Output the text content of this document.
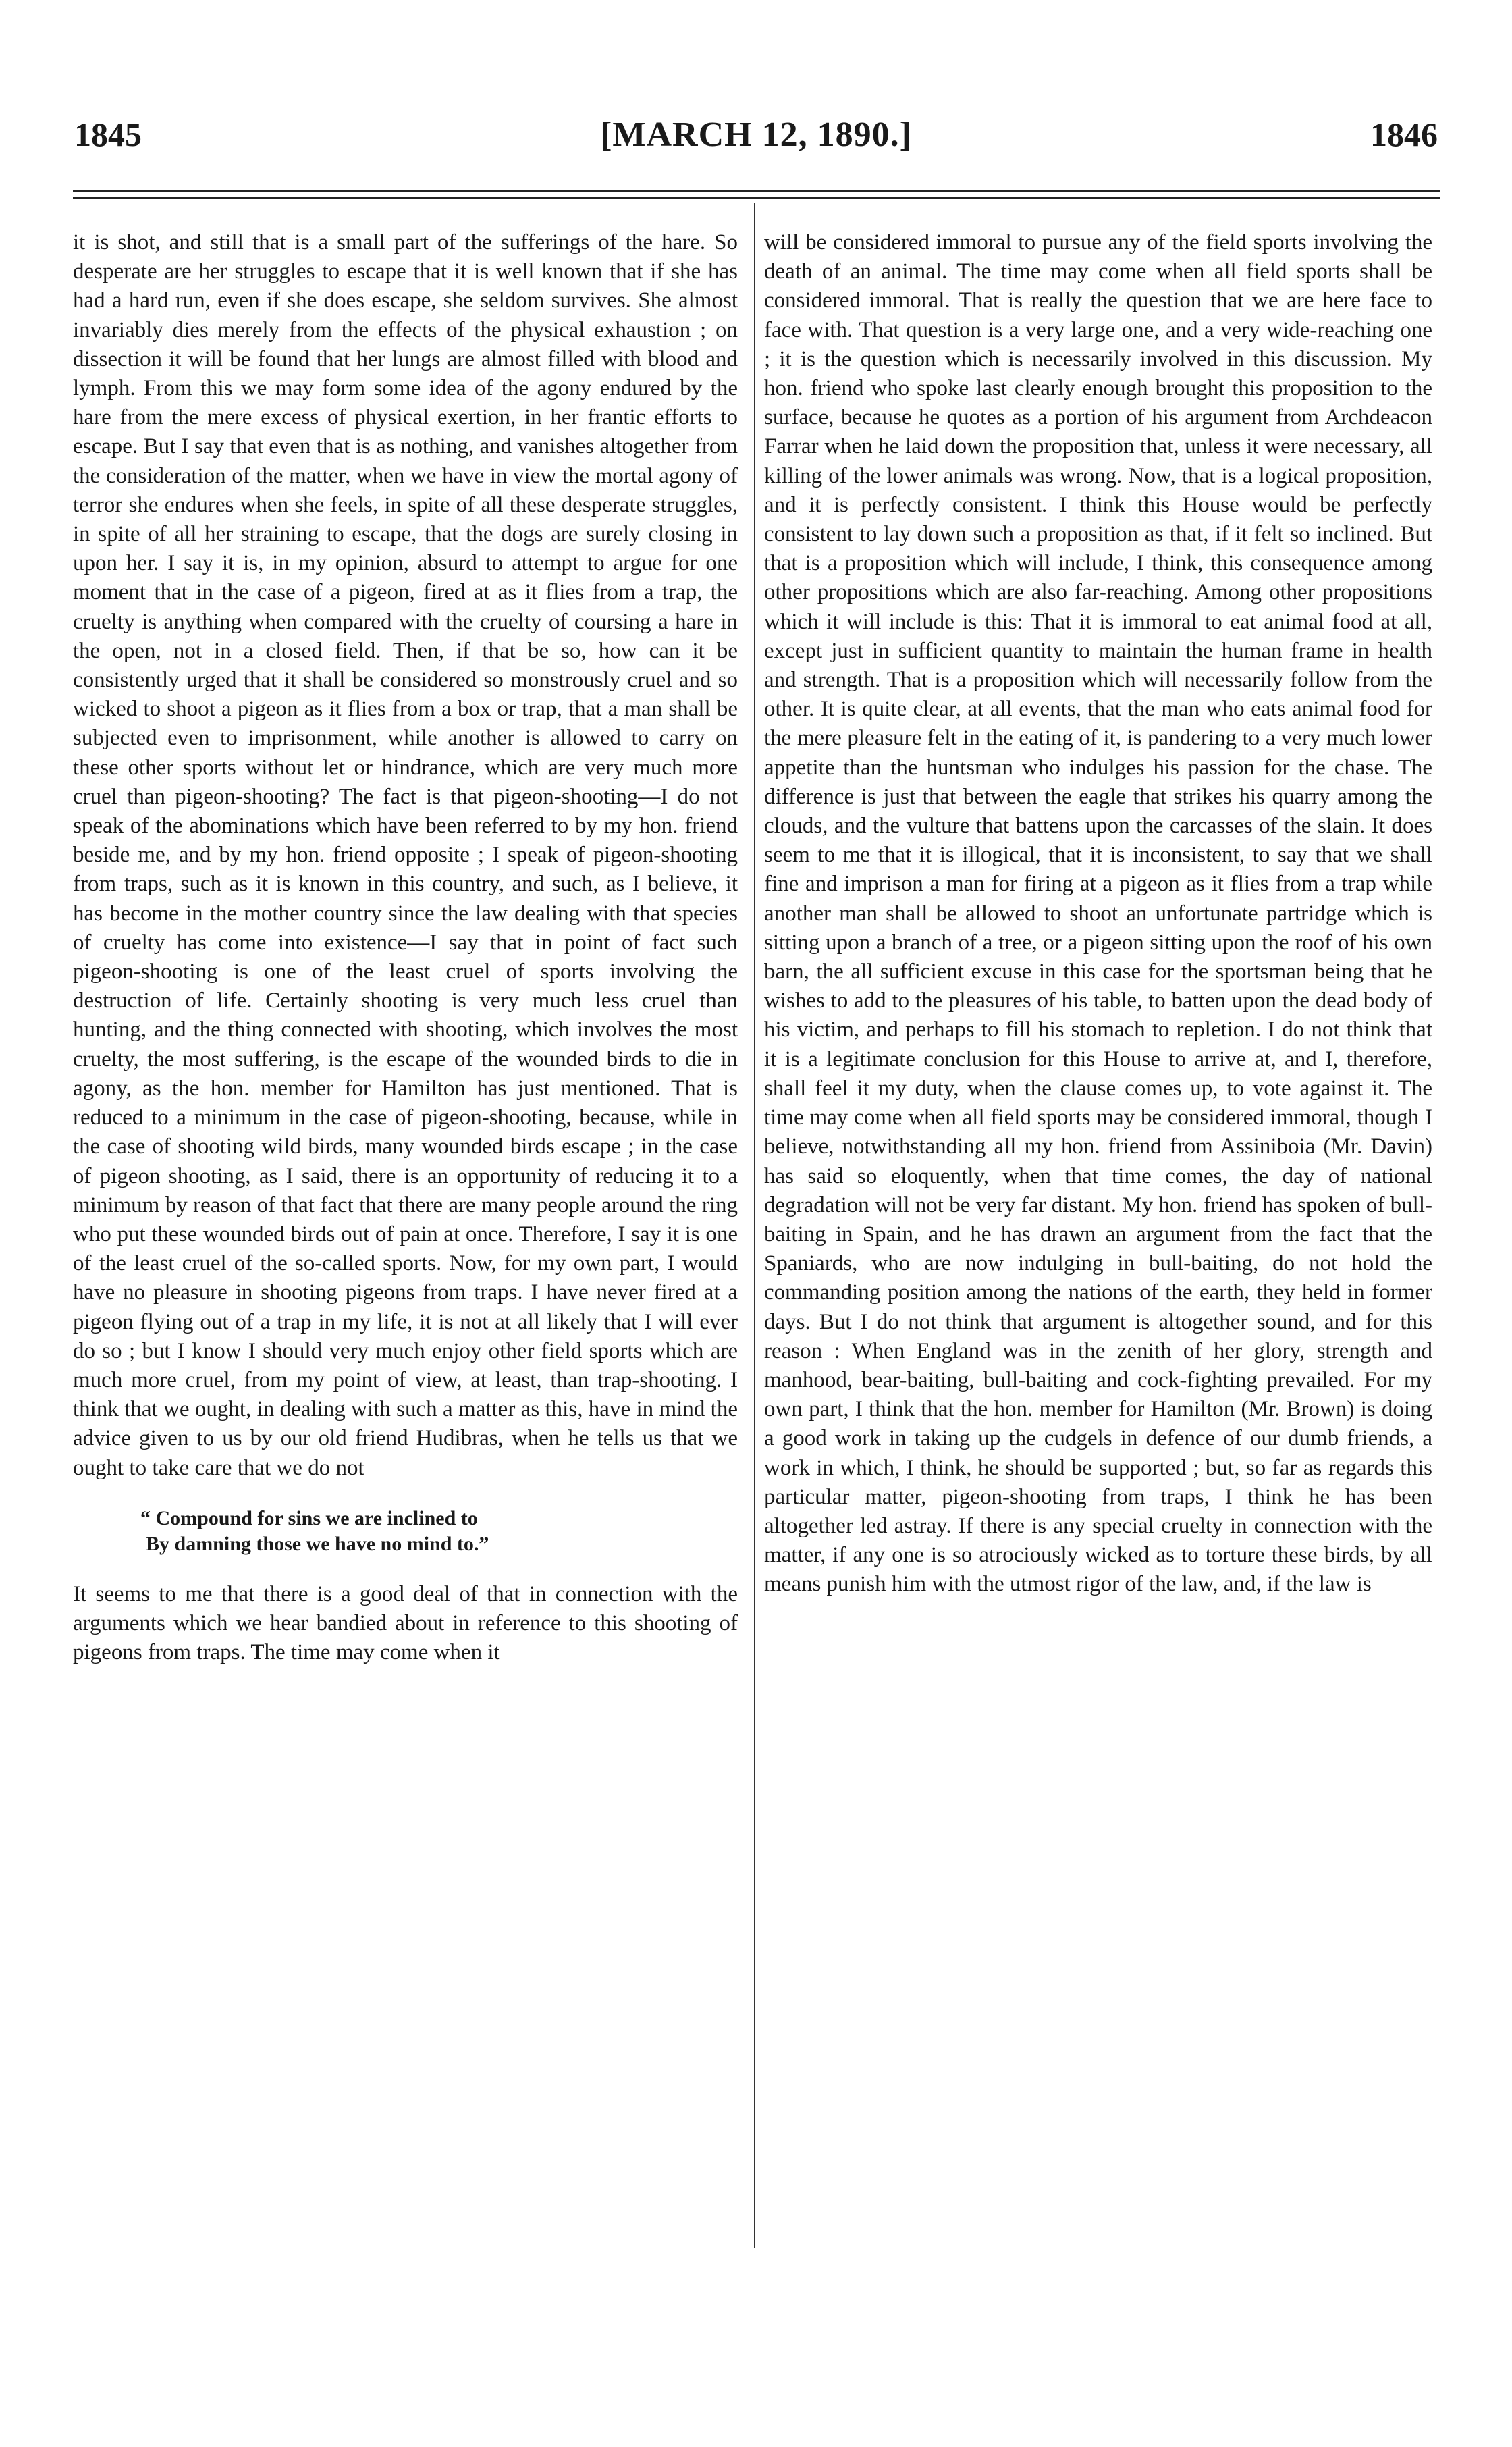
1845	[MARCH 12, 1890.]	1846

it is shot, and still that is a small part of the sufferings of the hare. So desperate are her struggles to escape that it is well known that if she has had a hard run, even if she does escape, she seldom survives. She almost invariably dies merely from the effects of the physical exhaustion ; on dissection it will be found that her lungs are almost filled with blood and lymph. From this we may form some idea of the agony endured by the hare from the mere excess of physical exertion, in her frantic efforts to escape. But I say that even that is as nothing, and vanishes altogether from the consideration of the matter, when we have in view the mortal agony of terror she endures when she feels, in spite of all these desperate struggles, in spite of all her straining to escape, that the dogs are surely closing in upon her. I say it is, in my opinion, absurd to attempt to argue for one moment that in the case of a pigeon, fired at as it flies from a trap, the cruelty is anything when compared with the cruelty of coursing a hare in the open, not in a closed field. Then, if that be so, how can it be consistently urged that it shall be considered so monstrously cruel and so wicked to shoot a pigeon as it flies from a box or trap, that a man shall be subjected even to imprisonment, while another is allowed to carry on these other sports without let or hindrance, which are very much more cruel than pigeon-shooting? The fact is that pigeon-shooting—I do not speak of the abominations which have been referred to by my hon. friend beside me, and by my hon. friend opposite ; I speak of pigeon-shooting from traps, such as it is known in this country, and such, as I believe, it has become in the mother country since the law dealing with that species of cruelty has come into existence—I say that in point of fact such pigeon-shooting is one of the least cruel of sports involving the destruction of life. Certainly shooting is very much less cruel than hunting, and the thing connected with shooting, which involves the most cruelty, the most suffering, is the escape of the wounded birds to die in agony, as the hon. member for Hamilton has just mentioned. That is reduced to a minimum in the case of pigeon-shooting, because, while in the case of shooting wild birds, many wounded birds escape ; in the case of pigeon shooting, as I said, there is an opportunity of reducing it to a minimum by reason of that fact that there are many people around the ring who put these wounded birds out of pain at once. Therefore, I say it is one of the least cruel of the so-called sports. Now, for my own part, I would have no pleasure in shooting pigeons from traps. I have never fired at a pigeon flying out of a trap in my life, it is not at all likely that I will ever do so ; but I know I should very much enjoy other field sports which are much more cruel, from my point of view, at least, than trap-shooting. I think that we ought, in dealing with such a matter as this, have in mind the advice given to us by our old friend Hudibras, when he tells us that we ought to take care that we do not

“ Compound for sins we are inclined to
By damning those we have no mind to.”

It seems to me that there is a good deal of that in connection with the arguments which we hear bandied about in reference to this shooting of pigeons from traps. The time may come when it

will be considered immoral to pursue any of the field sports involving the death of an animal. The time may come when all field sports shall be considered immoral. That is really the question that we are here face to face with. That question is a very large one, and a very wide-reaching one ; it is the question which is necessarily involved in this discussion. My hon. friend who spoke last clearly enough brought this proposition to the surface, because he quotes as a portion of his argument from Archdeacon Farrar when he laid down the proposition that, unless it were necessary, all killing of the lower animals was wrong. Now, that is a logical proposition, and it is perfectly consistent. I think this House would be perfectly consistent to lay down such a proposition as that, if it felt so inclined. But that is a proposition which will include, I think, this consequence among other propositions which are also far-reaching. Among other propositions which it will include is this: That it is immoral to eat animal food at all, except just in sufficient quantity to maintain the human frame in health and strength. That is a proposition which will necessarily follow from the other. It is quite clear, at all events, that the man who eats animal food for the mere pleasure felt in the eating of it, is pandering to a very much lower appetite than the huntsman who indulges his passion for the chase. The difference is just that between the eagle that strikes his quarry among the clouds, and the vulture that battens upon the carcasses of the slain. It does seem to me that it is illogical, that it is inconsistent, to say that we shall fine and imprison a man for firing at a pigeon as it flies from a trap while another man shall be allowed to shoot an unfortunate partridge which is sitting upon a branch of a tree, or a pigeon sitting upon the roof of his own barn, the all sufficient excuse in this case for the sportsman being that he wishes to add to the pleasures of his table, to batten upon the dead body of his victim, and perhaps to fill his stomach to repletion. I do not think that it is a legitimate conclusion for this House to arrive at, and I, therefore, shall feel it my duty, when the clause comes up, to vote against it. The time may come when all field sports may be considered immoral, though I believe, notwithstanding all my hon. friend from Assiniboia (Mr. Davin) has said so eloquently, when that time comes, the day of national degradation will not be very far distant. My hon. friend has spoken of bull-baiting in Spain, and he has drawn an argument from the fact that the Spaniards, who are now indulging in bull-baiting, do not hold the commanding position among the nations of the earth, they held in former days. But I do not think that argument is altogether sound, and for this reason : When England was in the zenith of her glory, strength and manhood, bear-baiting, bull-baiting and cock-fighting prevailed. For my own part, I think that the hon. member for Hamilton (Mr. Brown) is doing a good work in taking up the cudgels in defence of our dumb friends, a work in which, I think, he should be supported ; but, so far as regards this particular matter, pigeon-shooting from traps, I think he has been altogether led astray. If there is any special cruelty in connection with the matter, if any one is so atrociously wicked as to torture these birds, by all means punish him with the utmost rigor of the law, and, if the law is
